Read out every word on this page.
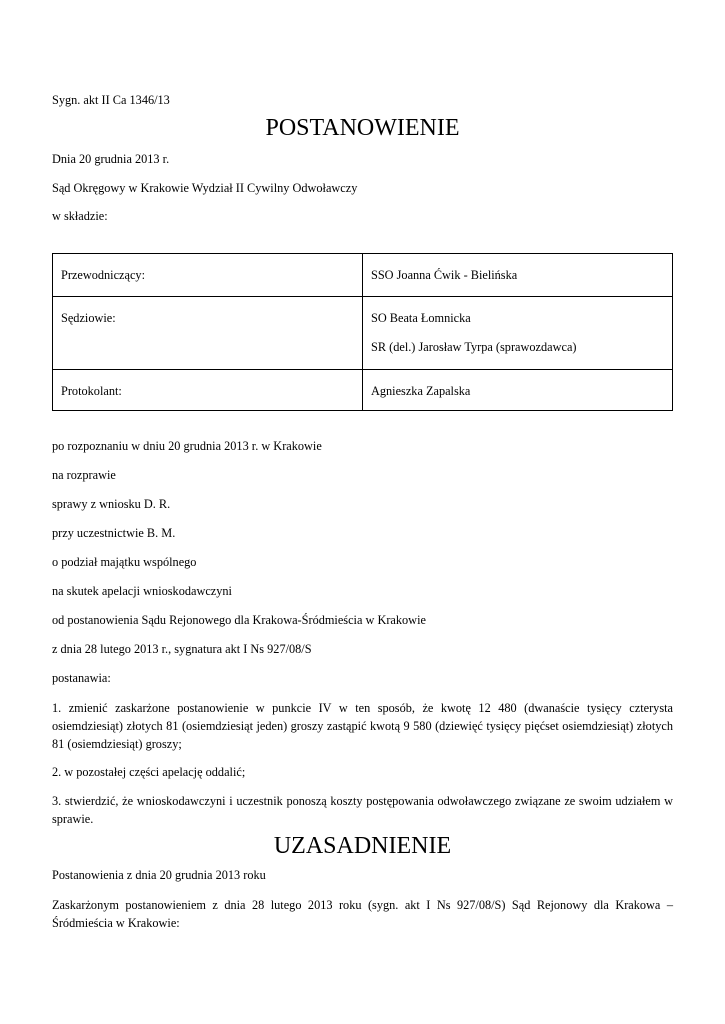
Sygn. akt II Ca 1346/13
POSTANOWIENIE
Dnia 20 grudnia 2013 r.
Sąd Okręgowy w Krakowie Wydział II Cywilny Odwoławczy
w składzie:
Przewodniczący:	SSO Joanna Ćwik - Bielińska
Sędziowie:	SO Beata Łomnicka
SR (del.) Jarosław Tyrpa (sprawozdawca)

Protokolant:	Agnieszka Zapalska
po rozpoznaniu w dniu 20 grudnia 2013 r. w Krakowie
na rozprawie
sprawy z wniosku D. R.
przy uczestnictwie B. M.
o podział majątku wspólnego
na skutek apelacji wnioskodawczyni
od postanowienia Sądu Rejonowego dla Krakowa-Śródmieścia w Krakowie
z dnia 28 lutego 2013 r., sygnatura akt I Ns 927/08/S
postanawia:
1. zmienić zaskarżone postanowienie w punkcie IV w ten sposób, że kwotę 12 480 (dwanaście tysięcy czterysta osiemdziesiąt) złotych 81 (osiemdziesiąt jeden) groszy zastąpić kwotą 9 580 (dziewięć tysięcy pięćset osiemdziesiąt) złotych 81 (osiemdziesiąt) groszy;
2. w pozostałej części apelację oddalić;
3. stwierdzić, że wnioskodawczyni i uczestnik ponoszą koszty postępowania odwoławczego związane ze swoim udziałem w sprawie.
UZASADNIENIE
Postanowienia z dnia 20 grudnia 2013 roku
Zaskarżonym postanowieniem z dnia 28 lutego 2013 roku (sygn. akt I Ns 927/08/S) Sąd Rejonowy dla Krakowa – Śródmieścia w Krakowie:
